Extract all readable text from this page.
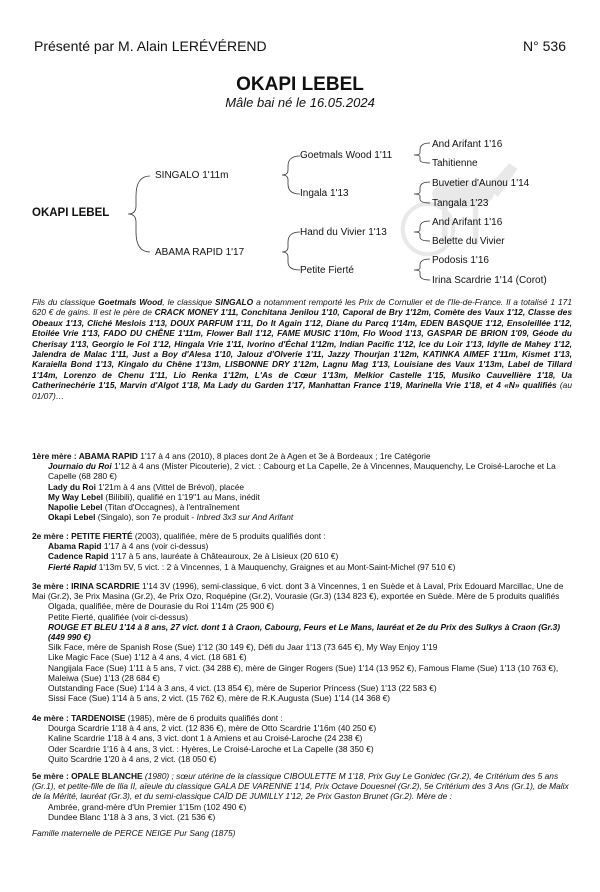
Présenté par M. Alain LERÉVÉREND	N° 536
OKAPI LEBEL
Mâle bai né le 16.05.2024
OKAPI LEBEL
SINGALO 1'11m
ABAMA RAPID 1'17
Goetmals Wood 1'11
Ingala 1'13
Hand du Vivier 1'13
Petite Fierté
And Arifant 1'16
Tahitienne
Buvetier d'Aunou 1'14
Tangala 1'23
And Arifant 1'16
Belette du Vivier
Podosis 1'16
Irina Scardrie 1'14 (Corot)
Fils du classique Goetmals Wood, le classique SINGALO a notamment remporté les Prix de Cornulier et de l'Ile-de-France. Il a totalisé 1 171 620 € de gains. Il est le père de CRACK MONEY 1'11, Conchitana Jenilou 1'10, Caporal de Bry 1'12m, Comète des Vaux 1'12, Classe des Obeaux 1'13, Cliché Meslois 1'13, DOUX PARFUM 1'11, Do It Again 1'12, Diane du Parcq 1'14m, EDEN BASQUE 1'12, Ensoleillée 1'12, Etoilée Vrie 1'13, FADO DU CHÊNE 1'11m, Flower Ball 1'12, FAME MUSIC 1'10m, Flo Wood 1'13, GASPAR DE BRION 1'09, Géode du Cherisay 1'13, Georgio le Fol 1'12, Hingala Vrie 1'11, Ivorino d'Échal 1'12m, Indian Pacific 1'12, Ice du Loir 1'13, Idylle de Mahey 1'12, Jalendra de Malac 1'11, Just a Boy d'Alesa 1'10, Jalouz d'Olverie 1'11, Jazzy Thourjan 1'12m, KATINKA AIMEF 1'11m, Kismet 1'13, Karaiella Bond 1'13, Kingalo du Chêne 1'13m, LISBONNE DRY 1'12m, Lagnu Mag 1'13, Louisiane des Vaux 1'13m, Label de Tillard 1'14m, Lorenzo de Chenu 1'11, Lio Renka 1'12m, L'As de Cœur 1'13m, Melkior Castelle 1'15, Musiko Cauvellière 1'18, Ua Catherinechérie 1'15, Marvin d'Algot 1'18, Ma Lady du Garden 1'17, Manhattan France 1'19, Marinella Vrie 1'18, et 4 «N» qualifiés (au 01/07)…
1ère mère : ABAMA RAPID 1'17 à 4 ans (2010), 8 places dont 2e à Agen et 3e à Bordeaux ; 1re Catégorie
Journaio du Roi 1'12 à 4 ans (Mister Picouterie), 2 vict. : Cabourg et La Capelle, 2e à Vincennes, Mauquenchy, Le Croisé-Laroche et La Capelle (68 280 €)
Lady du Roi 1'21m à 4 ans (Vittel de Brévol), placée
My Way Lebel (Bilibili), qualifié en 1'19"1 au Mans, inédit
Napolie Lebel (Titan d'Occagnes), à l'entraînement
Okapi Lebel (Singalo), son 7e produit - Inbred 3x3 sur And Arifant
2e mère : PETITE FIERTÉ (2003), qualifiée, mère de 5 produits qualifiés dont :
Abama Rapid 1'17 à 4 ans (voir ci-dessus)
Cadence Rapid 1'17 à 5 ans, lauréate à Châteauroux, 2e à Lisieux (20 610 €)
Fierté Rapid 1'13m 5V, 5 vict. : 2 à Vincennes, 1 à Mauquenchy, Graignes et au Mont-Saint-Michel (97 510 €)
3e mère : IRINA SCARDRIE 1'14 3V (1996), semi-classique, 6 vict. dont 3 à Vincennes, 1 en Suède et à Laval, Prix Edouard Marcillac, Une de Mai (Gr.2), 3e Prix Masina (Gr.2), 4e Prix Ozo, Roquépine (Gr.2), Vourasie (Gr.3) (134 823 €), exportée en Suède. Mère de 5 produits qualifiés
Olgada, qualifiée, mère de Dourasie du Roi 1'14m (25 900 €)
Petite Fierté, qualifiée (voir ci-dessus)
ROUGE ET BLEU 1'14 à 8 ans, 27 vict. dont 1 à Craon, Cabourg, Feurs et Le Mans, lauréat et 2e du Prix des Sulkys à Craon (Gr.3) (449 990 €)
Silk Face, mère de Spanish Rose (Sue) 1'12 (30 149 €), Défi du Jaar 1'13 (73 645 €), My Way Enjoy 1'19
Like Magic Face (Sue) 1'12 à 4 ans, 4 vict. (18 681 €)
Nangijala Face (Sue) 1'11 à 5 ans, 7 vict. (34 288 €), mère de Ginger Rogers (Sue) 1'14 (13 952 €), Famous Flame (Sue) 1'13 (10 763 €), Maleiwa (Sue) 1'13 (28 684 €)
Outstanding Face (Sue) 1'14 à 3 ans, 4 vict. (13 854 €), mère de Superior Princess (Sue) 1'13 (22 583 €)
Sissi Face (Sue) 1'14 à 5 ans, 2 vict. (15 762 €), mère de R.K.Augusta (Sue) 1'14 (14 368 €)
4e mère : TARDENOISE (1985), mère de 6 produits qualifiés dont :
Dourga Scardrie 1'18 à 4 ans, 2 vict. (12 836 €), mère de Otto Scardrie 1'16m (40 250 €)
Kaline Scardrie 1'18 à 4 ans, 3 vict. dont 1 à Amiens et au Croisé-Laroche (24 238 €)
Oder Scardrie 1'16 à 4 ans, 3 vict. : Hyères, Le Croisé-Laroche et La Capelle (38 350 €)
Quito Scardrie 1'20 à 4 ans, 2 vict. (18 050 €)
5e mère : OPALE BLANCHE (1980) ; sœur utérine de la classique CIBOULETTE M 1'18, Prix Guy Le Gonidec (Gr.2), 4e Critérium des 5 ans (Gr.1), et petite-fille de Ilia II, aïeule du classique GALA DE VARENNE 1'14, Prix Octave Douesnel (Gr.2), 5e Critérium des 3 Ans (Gr.1), de Malix de la Mérité, lauréat (Gr.3), et du semi-classique CAÏD DE JUMILLY 1'12, 2e Prix Gaston Brunet (Gr.2). Mère de :
Ambrée, grand-mère d'Un Premier 1'15m (102 490 €)
Dundee Blanc 1'18 à 3 ans, 3 vict. (21 536 €)
Famille maternelle de PERCE NEIGE Pur Sang (1875)
